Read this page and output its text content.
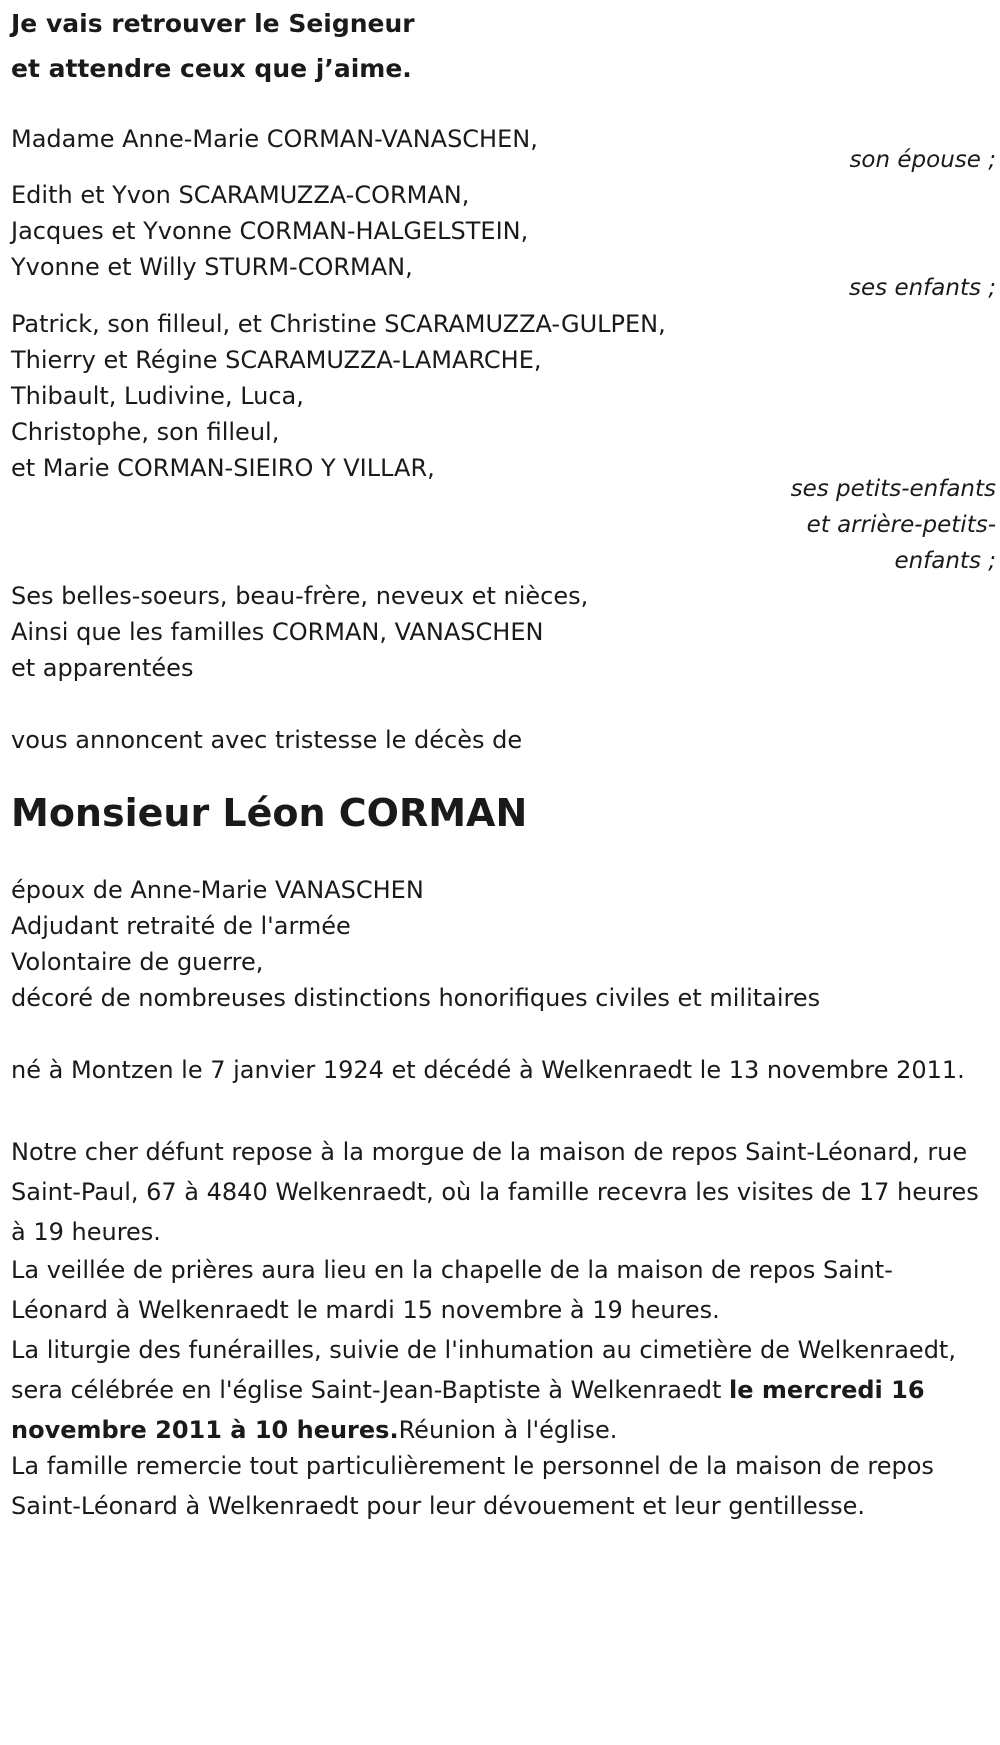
Je vais retrouver le Seigneur
et attendre ceux que j’aime.
Madame Anne-Marie CORMAN-VANASCHEN,
son épouse ;
Edith et Yvon SCARAMUZZA-CORMAN,
Jacques et Yvonne CORMAN-HALGELSTEIN,
Yvonne et Willy STURM-CORMAN,
ses enfants ;
Patrick, son filleul, et Christine SCARAMUZZA-GULPEN,
Thierry et Régine SCARAMUZZA-LAMARCHE,
Thibault, Ludivine, Luca,
Christophe, son filleul,
et Marie CORMAN-SIEIRO Y VILLAR,
ses petits-enfants
et arrière-petits-
enfants ;
Ses belles-soeurs, beau-frère, neveux et nièces,
Ainsi que les familles CORMAN, VANASCHEN
et apparentées
vous annoncent avec tristesse le décès de
Monsieur Léon CORMAN
époux de Anne-Marie VANASCHEN
Adjudant retraité de l'armée
Volontaire de guerre,
décoré de nombreuses distinctions honorifiques civiles et militaires
né à Montzen le 7 janvier 1924 et décédé à Welkenraedt le 13 novembre 2011.
Notre cher défunt repose à la morgue de la maison de repos Saint-Léonard, rue Saint-Paul, 67 à 4840 Welkenraedt, où la famille recevra les visites de 17 heures à 19 heures.
La veillée de prières aura lieu en la chapelle de la maison de repos Saint-Léonard à Welkenraedt le mardi 15 novembre à 19 heures.
La liturgie des funérailles, suivie de l'inhumation au cimetière de Welkenraedt, sera célébrée en l'église Saint-Jean-Baptiste à Welkenraedt le mercredi 16 novembre 2011 à 10 heures.Réunion à l'église.
La famille remercie tout particulièrement le personnel de la maison de repos Saint-Léonard à Welkenraedt pour leur dévouement et leur gentillesse.
